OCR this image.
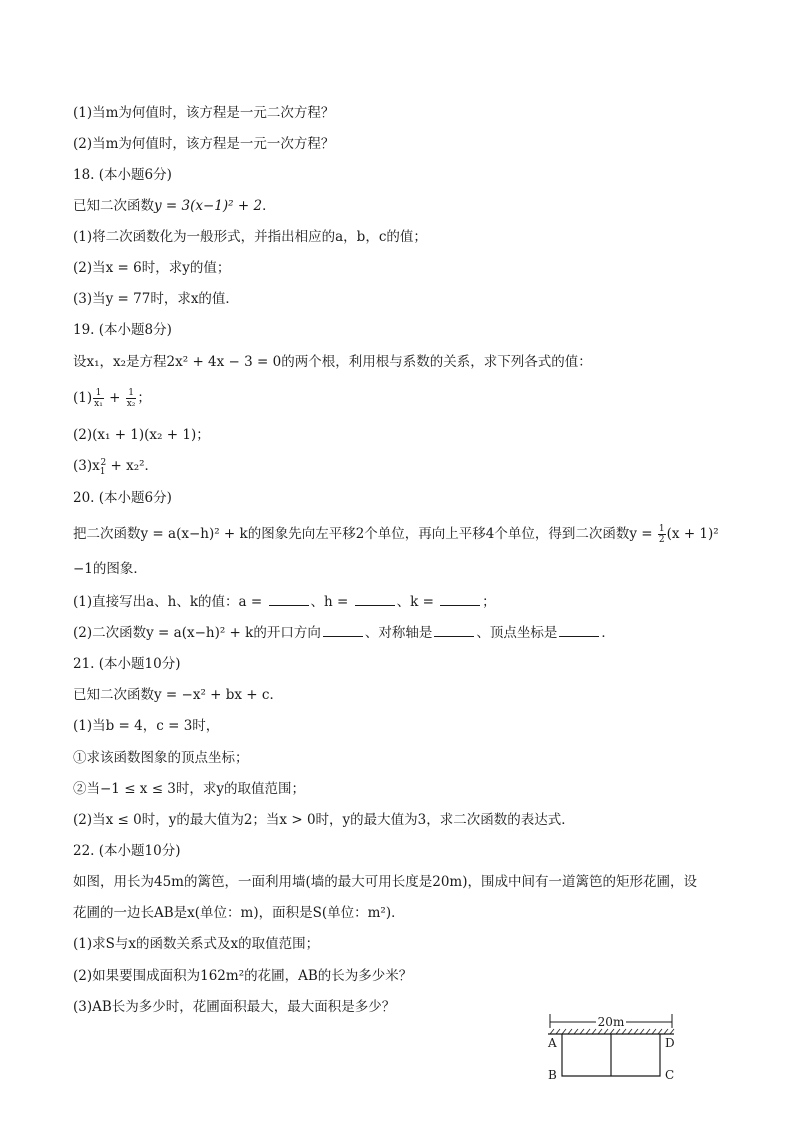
(1)当m为何值时，该方程是一元二次方程？
(2)当m为何值时，该方程是一元一次方程？
18. (本小题6分)
已知二次函数y = 3(x−1)² + 2．
(1)将二次函数化为一般形式，并指出相应的a，b，c的值；
(2)当x = 6时，求y的值；
(3)当y = 77时，求x的值．
19. (本小题8分)
设x₁，x₂是方程2x² + 4x − 3 = 0的两个根，利用根与系数的关系，求下列各式的值：
$(1) \frac{1}{\text{x₁}} + \frac{1}{\text{x₂}}$ ；
(2)(x₁ + 1)(x₂ + 1)；
$(3)x_1^2 + x_2^2$．
20. (本小题6分)
把二次函数y = a(x−h)² + k的图象先向左平移2个单位，再向上平移4个单位，得到二次函数$y = \frac{1}{2} (x + 1)^2$
−1的图象．
(1)直接写出a、h、k的值：a =	、h =	、k =	；
(2)二次函数y = a(x−h)² + k的开口方向	、对称轴是	、顶点坐标是	．
21. (本小题10分)
已知二次函数y = −x² + bx + c．
(1)当b = 4，c = 3时，
①求该函数图象的顶点坐标；
②当−1 ≤ x ≤ 3时，求y的取值范围；
(2)当x ≤ 0时，y的最大值为2；当x > 0时，y的最大值为3，求二次函数的表达式．
22. (本小题10分)
如图，用长为45m的篱笆，一面利用墙(墙的最大可用长度是20m)，围成中间有一道篱笆的矩形花圃，设
花圃的一边长AB是x(单位：m)，面积是S(单位：m²)．
(1)求S与x的函数关系式及x的取值范围；
(2)如果要围成面积为162m²的花圃，AB的长为多少米？
(3)AB长为多少时，花圃面积最大，最大面积是多少？
20m
A
B	C
D
